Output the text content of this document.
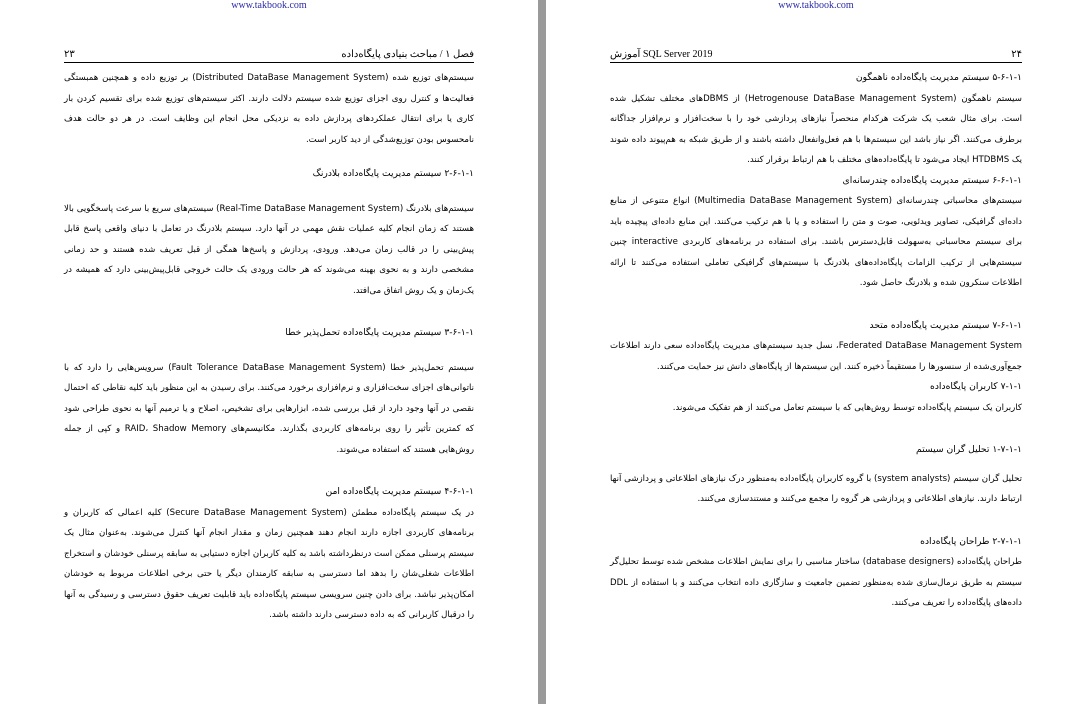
www.takbook.com
۲۳	فصل ۱ / مباحث بنیادی پایگاه‌داده

سیستم‌های توزیع شده (Distributed DataBase Management System) بر توزیع داده و همچنین همبستگی فعالیت‌ها و کنترل روی اجزای توزیع شده سیستم دلالت دارند. اکثر سیستم‌های توزیع شده برای تقسیم کردن بار کاری یا برای انتقال عملکردهای پردازش داده به نزدیکی محل انجام این وظایف است. در هر دو حالت هدف نامحسوس بودن توزیع‌شدگی از دید کاربر است.

۲-۶-۱-۱ سیستم مدیریت پایگاه‌داده بلادرنگ

سیستم‌های بلادرنگ (Real-Time DataBase Management System) سیستم‌های سریع با سرعت پاسخگویی بالا هستند که زمان انجام کلیه عملیات نقش مهمی در آنها دارد. سیستم بلادرنگ در تعامل با دنیای واقعی پاسخ قابل پیش‌بینی را در قالب زمان می‌دهد. ورودی، پردازش و پاسخ‌ها همگی از قبل تعریف شده هستند و حد زمانی مشخصی دارند و به نحوی بهینه می‌شوند که هر حالت ورودی یک حالت خروجی قابل‌پیش‌بینی دارد که همیشه در یک‌زمان و یک روش اتفاق می‌افتد.

۳-۶-۱-۱ سیستم مدیریت پایگاه‌داده تحمل‌پذیر خطا

سیستم تحمل‌پذیر خطا (Fault Tolerance DataBase Management System) سرویس‌هایی را دارد که با ناتوانی‌های اجزای سخت‌افزاری و نرم‌افزاری برخورد می‌کنند. برای رسیدن به این منظور باید کلیه نقاطی که احتمال نقصی در آنها وجود دارد از قبل بررسی شده، ابزارهایی برای تشخیص، اصلاح و یا ترمیم آنها به نحوی طراحی شود که کمترین تأثیر را روی برنامه‌های کاربردی بگذارند. مکانیسم‌های RAID، Shadow Memory و کپی از جمله روش‌هایی هستند که استفاده می‌شوند.

۴-۶-۱-۱ سیستم مدیریت پایگاه‌داده امن

در یک سیستم پایگاه‌داده مطمئن (Secure DataBase Management System) کلیه اعمالی که کاربران و برنامه‌های کاربردی اجازه دارند انجام دهند همچنین زمان و مقدار انجام آنها کنترل می‌شوند. به‌عنوان مثال یک سیستم پرسنلی ممکن است درنظرداشته باشد به کلیه کاربران اجازه دستیابی به سابقه پرسنلی خودشان و استخراج اطلاعات شغلی‌شان را بدهد اما دسترسی به سابقه کارمندان دیگر یا حتی برخی اطلاعات مربوط به خودشان امکان‌پذیر نباشد. برای دادن چنین سرویسی سیستم پایگاه‌داده باید قابلیت تعریف حقوق دسترسی و رسیدگی به آنها را درقبال کاربرانی که به داده دسترسی دارند داشته باشد.

www.takbook.com
۲۴
آموزش SQL Server 2019
۵-۶-۱-۱ سیستم مدیریت پایگاه‌داده ناهمگون

سیستم ناهمگون (Hetrogenouse DataBase Management System) از DBMSهای مختلف تشکیل شده است. برای مثال شعب یک شرکت هرکدام منحصراً نیازهای پردازشی خود را با سخت‌افزار و نرم‌افزار جداگانه برطرف می‌کنند. اگر نیاز باشد این سیستم‌ها با هم فعل‌وانفعال داشته باشند و از طریق شبکه به هم‌پیوند داده شوند یک HTDBMS ایجاد می‌شود تا پایگاه‌داده‌های مختلف با هم ارتباط برقرار کنند.

۶-۶-۱-۱ سیستم مدیریت پایگاه‌داده چندرسانه‌ای

سیستم‌های محاسباتی چندرسانه‌ای (Multimedia DataBase Management System) انواع متنوعی از منابع داده‌ای گرافیکی، تصاویر ویدئویی، صوت و متن را استفاده و یا با هم ترکیب می‌کنند. این منابع داده‌ای پیچیده باید برای سیستم محاسباتی به‌سهولت قابل‌دسترس باشند. برای استفاده در برنامه‌های کاربردی interactive چنین سیستم‌هایی از ترکیب الزامات پایگاه‌داده‌های بلادرنگ با سیستم‌های گرافیکی تعاملی استفاده می‌کنند تا ارائه اطلاعات سنکرون شده و بلادرنگ حاصل شود.

۷-۶-۱-۱ سیستم مدیریت پایگاه‌داده متحد

Federated DataBase Management System، نسل جدید سیستم‌های مدیریت پایگاه‌داده سعی دارند اطلاعات جمع‌آوری‌شده از سنسورها را مستقیماً ذخیره کنند. این سیستم‌ها از پایگاه‌های دانش نیز حمایت می‌کنند.

۷-۱-۱ کاربران پایگاه‌داده

کاربران یک سیستم پایگاه‌داده توسط روش‌هایی که با سیستم تعامل می‌کنند از هم تفکیک می‌شوند.

۱-۷-۱-۱ تحلیل گران سیستم

تحلیل گران سیستم (system analysts) با گروه کاربران پایگاه‌داده به‌منظور درک نیازهای اطلاعاتی و پردازشی آنها ارتباط دارند. نیازهای اطلاعاتی و پردازشی هر گروه را مجمع می‌کنند و مستندسازی می‌کنند.

۲-۷-۱-۱ طراحان پایگاه‌داده

طراحان پایگاه‌داده (database designers) ساختار مناسبی را برای نمایش اطلاعات مشخص شده توسط تحلیل‌گر سیستم به طریق نرمال‌سازی شده به‌منظور تضمین جامعیت و سازگاری داده انتخاب می‌کنند و با استفاده از DDL داده‌های پایگاه‌داده را تعریف می‌کنند.
